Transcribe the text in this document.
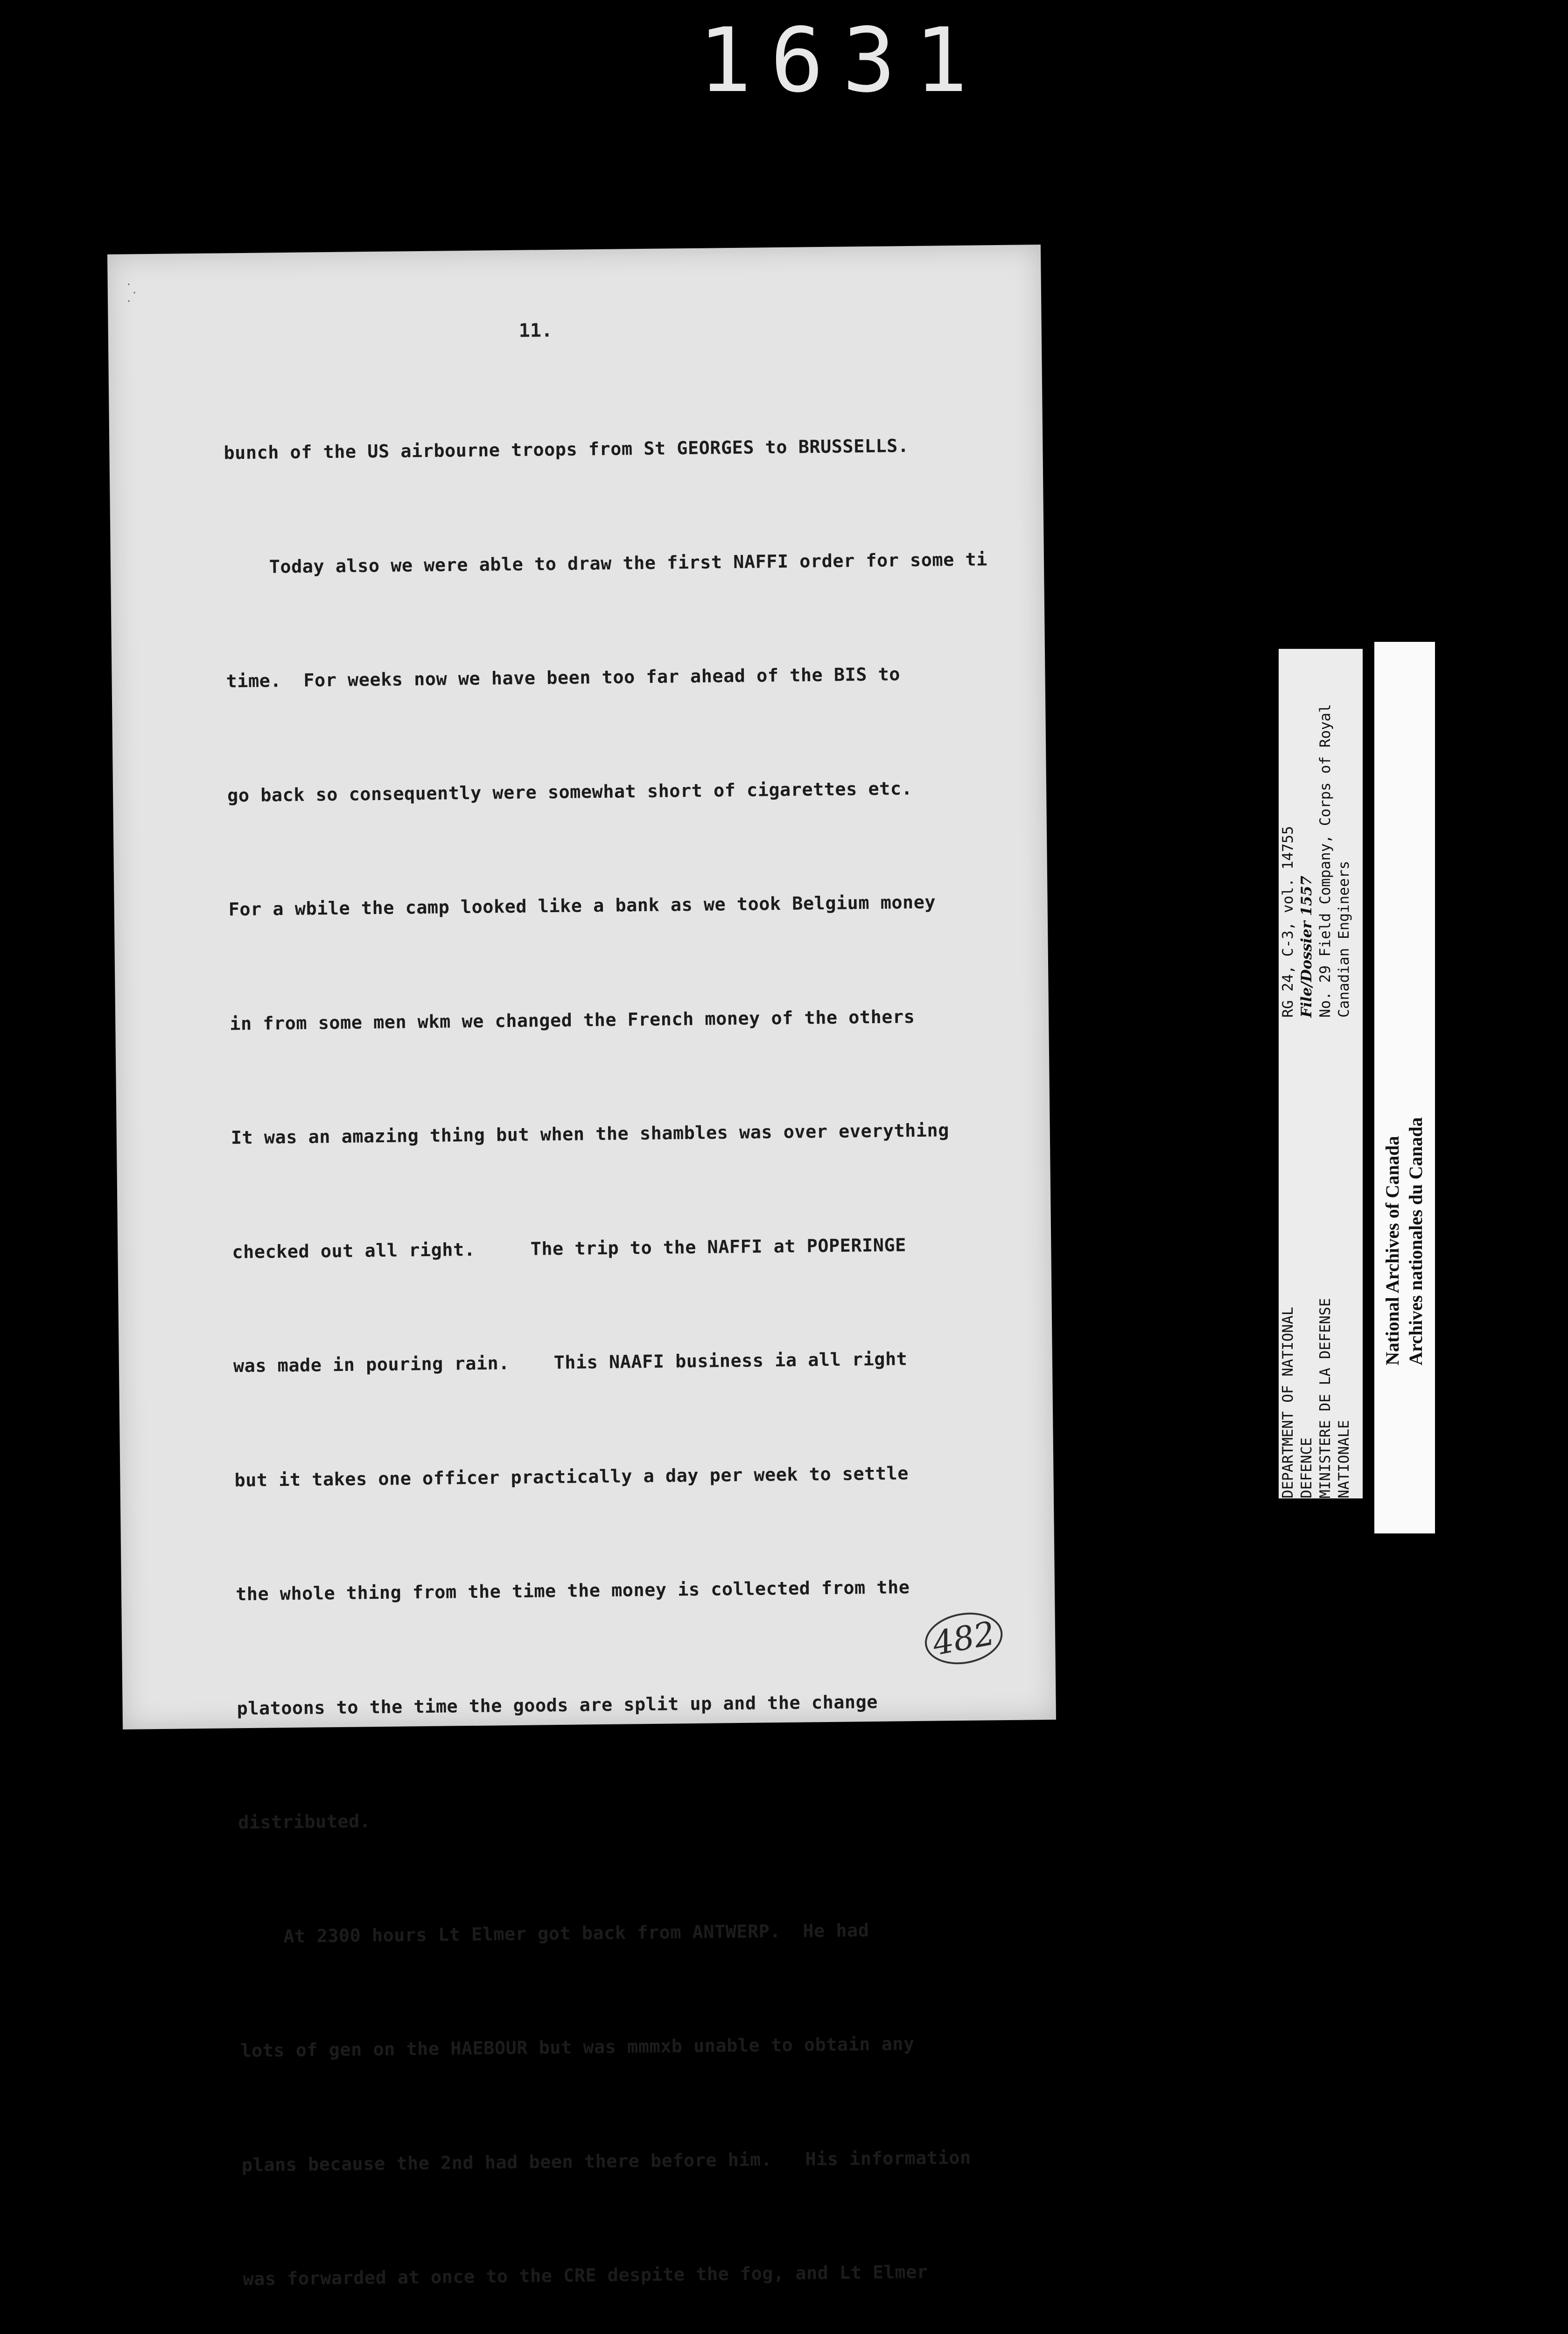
1631
11.

bunch of the US airbourne troops from St GEORGES to BRUSSELLS.

Today also we were able to draw the first NAFFI order for some ti

time.  For weeks now we have been too far ahead of the BIS to

go back so consequently were somewhat short of cigarettes etc.

For a wbile the camp looked like a bank as we took Belgium money

in from some men wkm we changed the French money of the others

It was an amazing thing but when the shambles was over everything

checked out all right.     The trip to the NAFFI at POPERINGE

was made in pouring rain.    This NAAFI business ia all right

but it takes one officer practically a day per week to settle

the whole thing from the time the money is collected from the

platoons to the time the goods are split up and the change

distributed.

At 2300 hours Lt Elmer got back from ANTWERP.  He had

lots of gen on the HAEBOUR but was mmmxb unable to obtain any

plans because the 2nd had been there before him.   His information

was forwarded at once to the CRE despite the fog, and Lt Elmer

482
DEPARTMENT OF NATIONAL DEFENCE MINISTERE DE LA DEFENSE NATIONALE
RG 24, C-3, vol. 14755 File/Dossier 1557 No. 29 Field Company, Corps of Royal Canadian Engineers
National Archives of Canada Archives nationales du Canada
·
·
·
